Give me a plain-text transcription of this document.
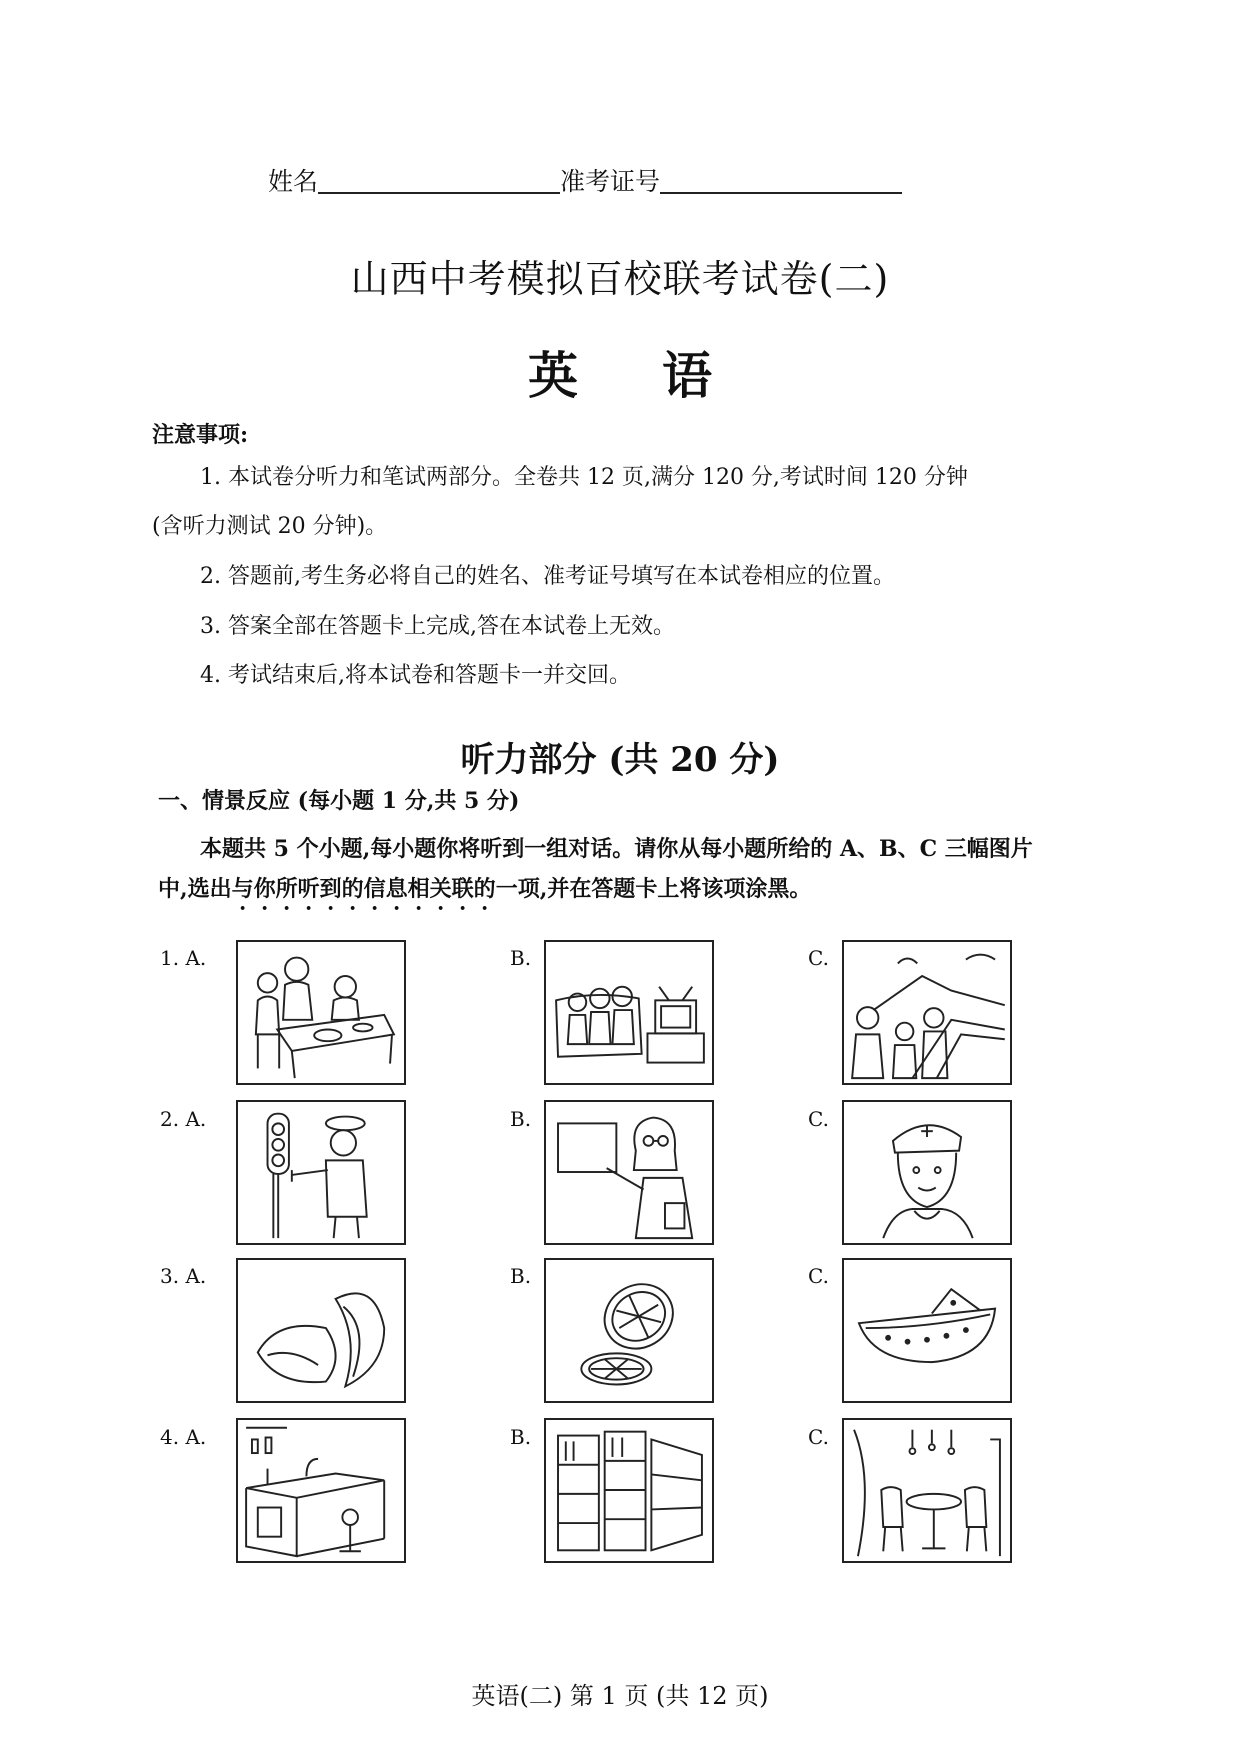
姓名	准考证号
山西中考模拟百校联考试卷(二)
英 语
注意事项:
1. 本试卷分听力和笔试两部分。全卷共 12 页,满分 120 分,考试时间 120 分钟
(含听力测试 20 分钟)。
2. 答题前,考生务必将自己的姓名、准考证号填写在本试卷相应的位置。
3. 答案全部在答题卡上完成,答在本试卷上无效。
4. 考试结束后,将本试卷和答题卡一并交回。
听力部分 (共 20 分)
一、情景反应 (每小题 1 分,共 5 分)
本题共 5 个小题,每小题你将听到一组对话。请你从每小题所给的 A、B、C 三幅图片
中,选出与你所听到的信息相关联的一项,并在答题卡上将该项涂黑。
1. A.	B.	C.
2. A.	B.	C.
3. A.	B.	C.
4. A.	B.	C.
英语(二) 第 1 页 (共 12 页)
